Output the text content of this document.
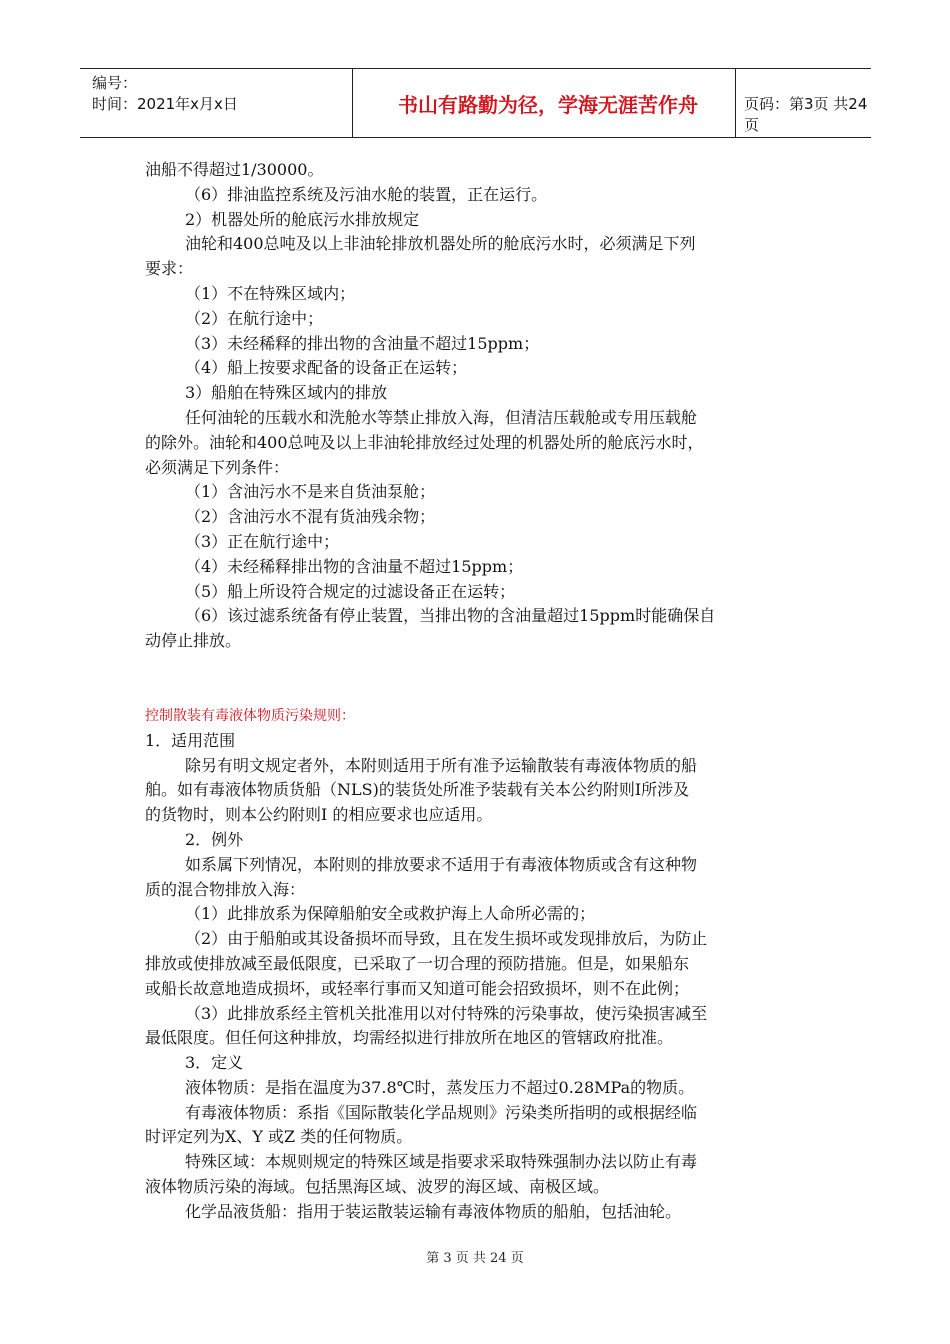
编号：
时间：2021年x月x日	书山有路勤为径，学海无涯苦作舟	页码：第3页 共24页

油船不得超过1/30000。

（6）排油监控系统及污油水舱的装置，正在运行。

2）机器处所的舱底污水排放规定

油轮和400总吨及以上非油轮排放机器处所的舱底污水时，必须满足下列

要求：

（1）不在特殊区域内；

（2）在航行途中；

（3）未经稀释的排出物的含油量不超过15ppm；

（4）船上按要求配备的设备正在运转；

3）船舶在特殊区域内的排放

任何油轮的压载水和洗舱水等禁止排放入海，但清洁压载舱或专用压载舱

的除外。油轮和400总吨及以上非油轮排放经过处理的机器处所的舱底污水时，

必须满足下列条件：

（1）含油污水不是来自货油泵舱；

（2）含油污水不混有货油残余物；

（3）正在航行途中；

（4）未经稀释排出物的含油量不超过15ppm；

（5）船上所设符合规定的过滤设备正在运转；

（6）该过滤系统备有停止装置，当排出物的含油量超过15ppm时能确保自

动停止排放。

控制散装有毒液体物质污染规则：

1．适用范围

除另有明文规定者外，本附则适用于所有准予运输散装有毒液体物质的船

舶。如有毒液体物质货船（NLS)的装货处所准予装载有关本公约附则Ⅰ所涉及

的货物时，则本公约附则Ⅰ 的相应要求也应适用。

2．例外

如系属下列情况，本附则的排放要求不适用于有毒液体物质或含有这种物

质的混合物排放入海：

（1）此排放系为保障船舶安全或救护海上人命所必需的；

（2）由于船舶或其设备损坏而导致，且在发生损坏或发现排放后，为防止

排放或使排放减至最低限度，已采取了一切合理的预防措施。但是，如果船东

或船长故意地造成损坏，或轻率行事而又知道可能会招致损坏，则不在此例；

（3）此排放系经主管机关批准用以对付特殊的污染事故，使污染损害减至

最低限度。但任何这种排放，均需经拟进行排放所在地区的管辖政府批准。

3．定义

液体物质：是指在温度为37.8℃时，蒸发压力不超过0.28MPa的物质。

有毒液体物质：系指《国际散装化学品规则》污染类所指明的或根据经临

时评定列为X、Y 或Z 类的任何物质。

特殊区域：本规则规定的特殊区域是指要求采取特殊强制办法以防止有毒

液体物质污染的海域。包括黑海区域、波罗的海区域、南极区域。

化学品液货船：指用于装运散装运输有毒液体物质的船舶，包括油轮。

第 3 页 共 24 页
